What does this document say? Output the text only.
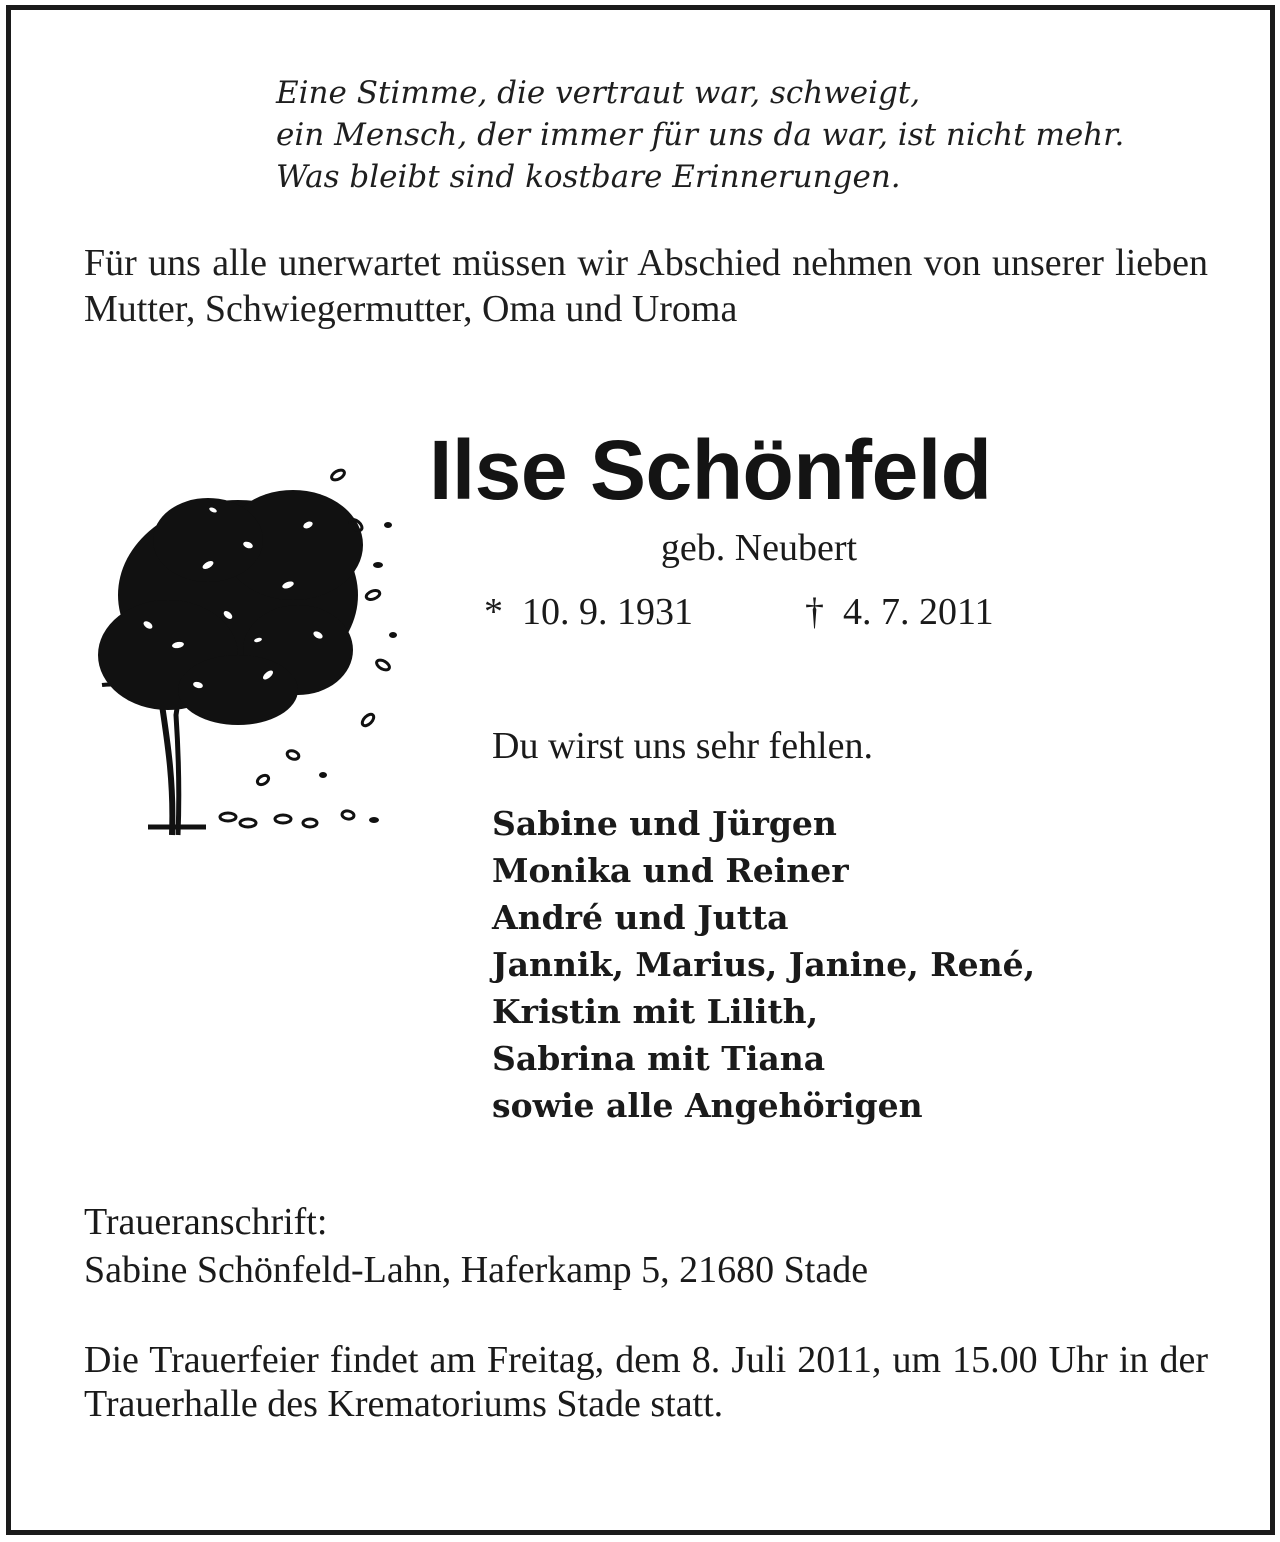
Eine Stimme, die vertraut war, schweigt,
ein Mensch, der immer für uns da war, ist nicht mehr.
Was bleibt sind kostbare Erinnerungen.
Für uns alle unerwartet müssen wir Abschied nehmen von unserer lieben Mutter, Schwiegermutter, Oma und Uroma
Ilse Schönfeld
geb. Neubert
* 10. 9. 1931	† 4. 7. 2011
Du wirst uns sehr fehlen.
Sabine und Jürgen
Monika und Reiner
André und Jutta
Jannik, Marius, Janine, René,
Kristin mit Lilith,
Sabrina mit Tiana
sowie alle Angehörigen
Traueranschrift:
Sabine Schönfeld-Lahn, Haferkamp 5, 21680 Stade
Die Trauerfeier findet am Freitag, dem 8. Juli 2011, um 15.00 Uhr in der Trauerhalle des Krematoriums Stade statt.
